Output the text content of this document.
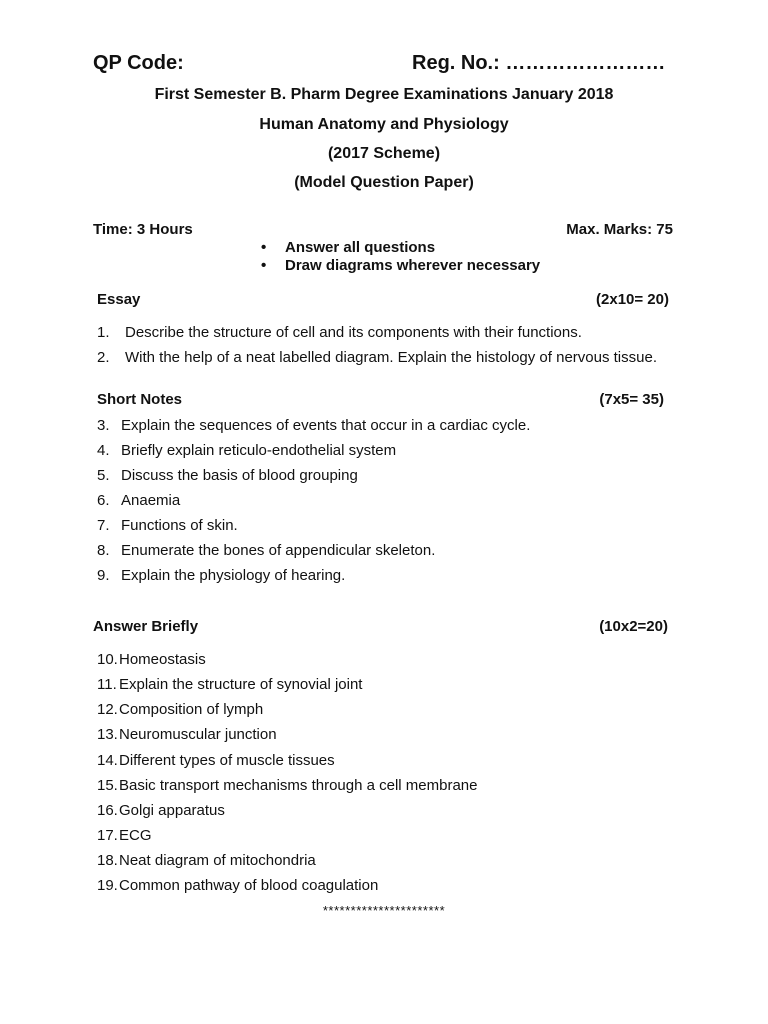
QP Code:	Reg. No.: ……………………
First Semester B. Pharm Degree Examinations January 2018
Human Anatomy and Physiology
(2017 Scheme)
(Model Question Paper)
Time: 3 Hours	Max. Marks: 75
• Answer all questions
• Draw diagrams wherever necessary
Essay	(2x10= 20)
1. Describe the structure of cell and its components with their functions.
2. With the help of a neat labelled diagram. Explain the histology of nervous tissue.
Short Notes	(7x5= 35)
3. Explain the sequences of events that occur in a cardiac cycle.
4. Briefly explain reticulo-endothelial system
5. Discuss the basis of blood grouping
6. Anaemia
7. Functions of skin.
8. Enumerate the bones of appendicular skeleton.
9. Explain the physiology of hearing.
Answer Briefly	(10x2=20)
10.Homeostasis
11. Explain the structure of synovial joint
12.Composition of lymph
13.Neuromuscular junction
14.Different types of muscle tissues
15.Basic transport mechanisms through a cell membrane
16.Golgi apparatus
17.ECG
18.Neat diagram of mitochondria
19.Common pathway of blood coagulation
**********************
